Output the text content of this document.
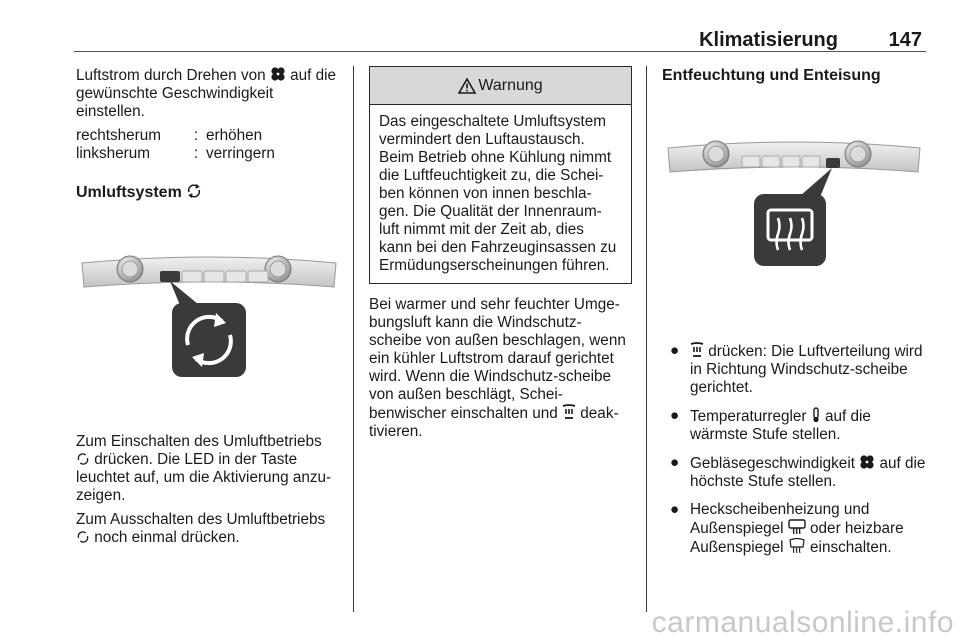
Klimatisierung	147

Luftstrom durch Drehen von auf die gewünschte Geschwindigkeit einstellen.

rechtsherum	: erhöhen
linksherum	: verringern
Umluftsystem

Zum Einschalten des Umluftbetriebs
drücken. Die LED in der Taste leuchtet auf, um die Aktivierung anzu-zeigen.

Zum Ausschalten des Umluftbetriebs
noch einmal drücken.

Warnung
Das eingeschaltete Umluftsystem vermindert den Luftaustausch. Beim Betrieb ohne Kühlung nimmt die Luftfeuchtigkeit zu, die Schei-ben können von innen beschla-gen. Die Qualität der Innenraum-luft nimmt mit der Zeit ab, dies kann bei den Fahrzeuginsassen zu Ermüdungserscheinungen führen.

Bei warmer und sehr feuchter Umge-bungsluft kann die Windschutz-scheibe von außen beschlagen, wenn ein kühler Luftstrom darauf gerichtet wird. Wenn die Windschutz-scheibe von außen beschlägt, Schei-benwischer einschalten und deak-tivieren.

Entfeuchtung und Enteisung
● drücken: Die Luftverteilung wird in Richtung Windschutz-scheibe gerichtet.
● Temperaturregler auf die wärmste Stufe stellen.
● Gebläsegeschwindigkeit auf die höchste Stufe stellen.
● Heckscheibenheizung und Außenspiegel oder heizbare Außenspiegel einschalten.
carmanualsonline.info
